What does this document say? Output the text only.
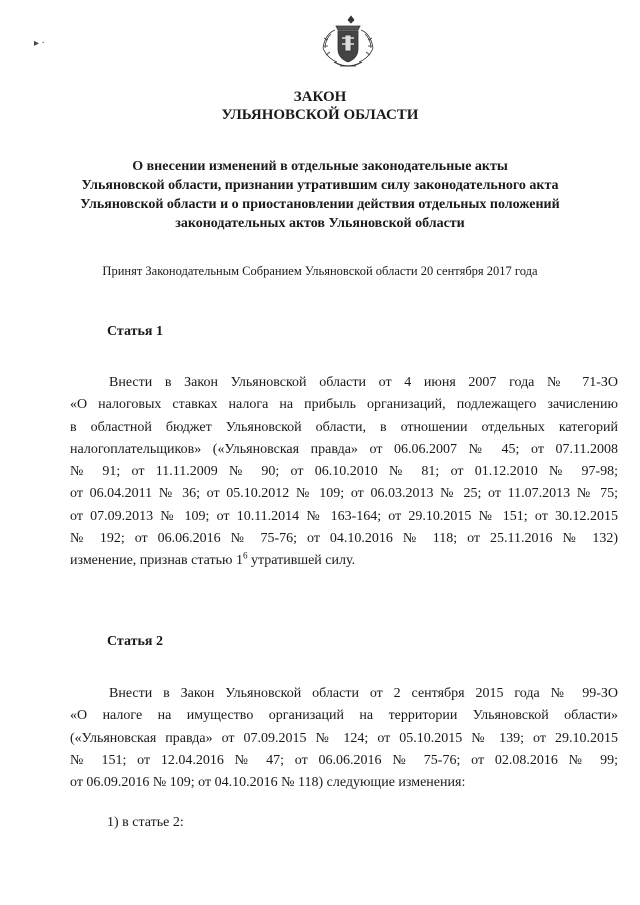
▸ ·
ЗАКОН
УЛЬЯНОВСКОЙ ОБЛАСТИ
О внесении изменений в отдельные законодательные акты
Ульяновской области, признании утратившим силу законодательного акта
Ульяновской области и о приостановлении действия отдельных положений
законодательных актов Ульяновской области
Принят Законодательным Собранием Ульяновской области 20 сентября 2017 года
Статья 1
Внести в Закон Ульяновской области от 4 июня 2007 года № 71-ЗО
«О налоговых ставках налога на прибыль организаций, подлежащего зачислению
в областной бюджет Ульяновской области, в отношении отдельных категорий
налогоплательщиков» («Ульяновская правда» от 06.06.2007 № 45; от 07.11.2008
№ 91; от 11.11.2009 № 90; от 06.10.2010 № 81; от 01.12.2010 № 97-98;
от 06.04.2011 № 36; от 05.10.2012 № 109; от 06.03.2013 № 25; от 11.07.2013 № 75;
от 07.09.2013 № 109; от 10.11.2014 № 163-164; от 29.10.2015 № 151; от 30.12.2015
№ 192; от 06.06.2016 № 75-76; от 04.10.2016 № 118; от 25.11.2016 № 132)
изменение, признав статью $1^6$ утратившей силу.
Статья 2
Внести в Закон Ульяновской области от 2 сентября 2015 года № 99-ЗО
«О налоге на имущество организаций на территории Ульяновской области»
(«Ульяновская правда» от 07.09.2015 № 124; от 05.10.2015 № 139; от 29.10.2015
№ 151; от 12.04.2016 № 47; от 06.06.2016 № 75-76; от 02.08.2016 № 99;
от 06.09.2016 № 109; от 04.10.2016 № 118) следующие изменения:
1) в статье 2:
